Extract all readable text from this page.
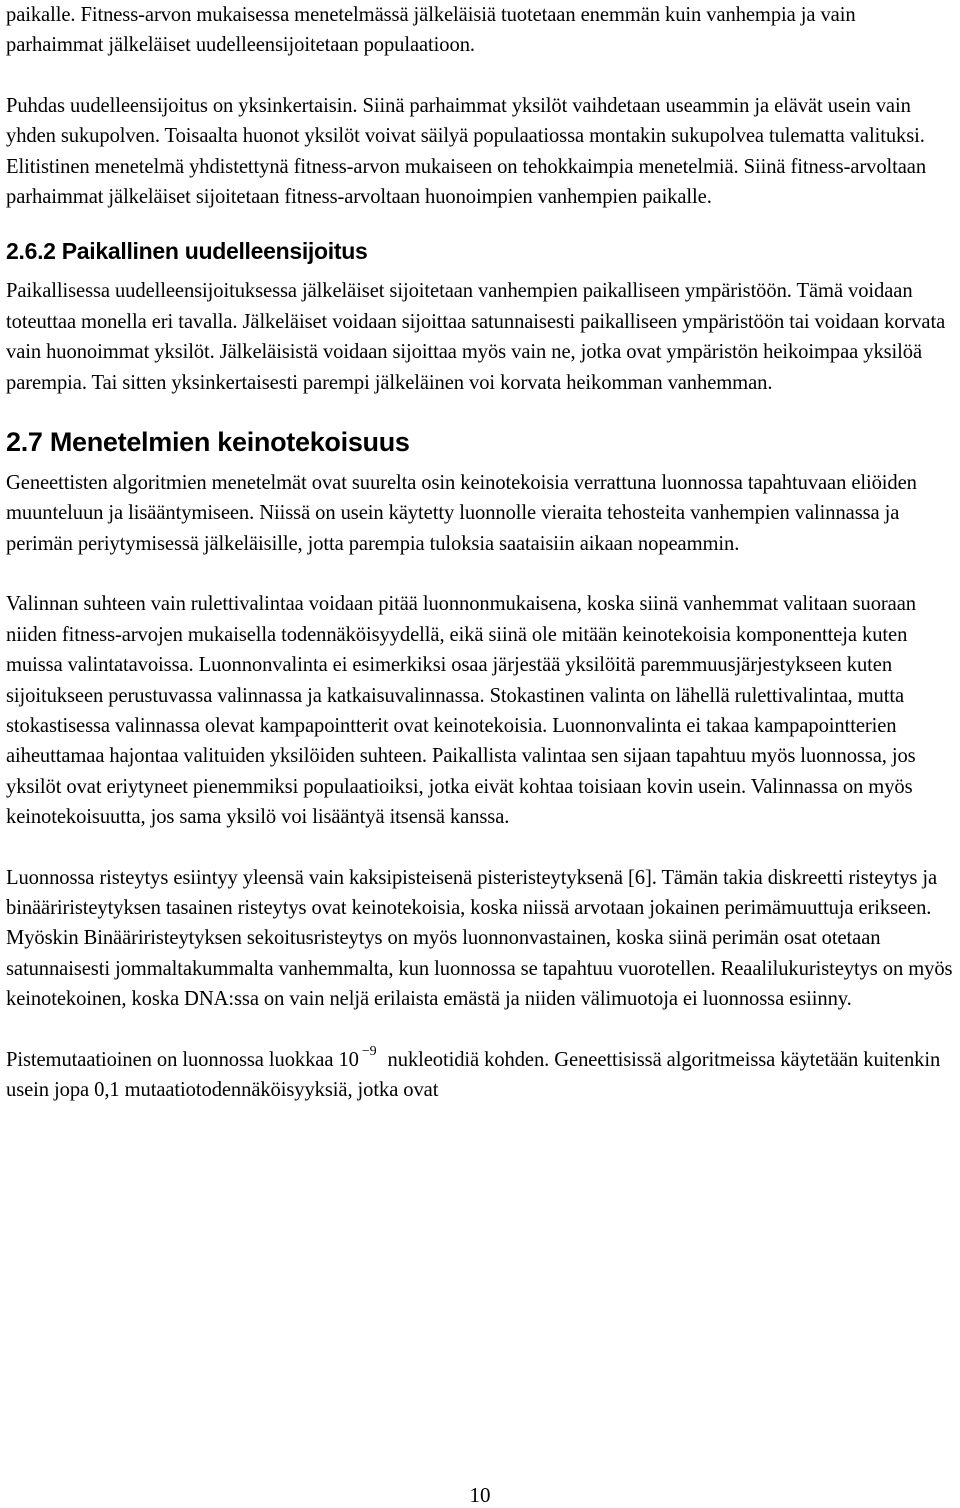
paikalle. Fitness-arvon mukaisessa menetelmässä jälkeläisiä tuotetaan enemmän kuin vanhempia ja vain parhaimmat jälkeläiset uudelleensijoitetaan populaatioon.

Puhdas uudelleensijoitus on yksinkertaisin. Siinä parhaimmat yksilöt vaihdetaan useammin ja elävät usein vain yhden sukupolven. Toisaalta huonot yksilöt voivat säilyä populaatiossa montakin sukupolvea tulematta valituksi. Elitistinen menetelmä yhdistettynä fitness-arvon mukaiseen on tehokkaimpia menetelmiä. Siinä fitness-arvoltaan parhaimmat jälkeläiset sijoitetaan fitness-arvoltaan huonoimpien vanhempien paikalle.

2.6.2 Paikallinen uudelleensijoitus

Paikallisessa uudelleensijoituksessa jälkeläiset sijoitetaan vanhempien paikalliseen ympäristöön. Tämä voidaan toteuttaa monella eri tavalla. Jälkeläiset voidaan sijoittaa satunnaisesti paikalliseen ympäristöön tai voidaan korvata vain huonoimmat yksilöt. Jälkeläisistä voidaan sijoittaa myös vain ne, jotka ovat ympäristön heikoimpaa yksilöä parempia. Tai sitten yksinkertaisesti parempi jälkeläinen voi korvata heikomman vanhemman.

2.7 Menetelmien keinotekoisuus

Geneettisten algoritmien menetelmät ovat suurelta osin keinotekoisia verrattuna luonnossa tapahtuvaan eliöiden muunteluun ja lisääntymiseen. Niissä on usein käytetty luonnolle vieraita tehosteita vanhempien valinnassa ja perimän periytymisessä jälkeläisille, jotta parempia tuloksia saataisiin aikaan nopeammin.

Valinnan suhteen vain rulettivalintaa voidaan pitää luonnonmukaisena, koska siinä vanhemmat valitaan suoraan niiden fitness-arvojen mukaisella todennäköisyydellä, eikä siinä ole mitään keinotekoisia komponentteja kuten muissa valintatavoissa. Luonnonvalinta ei esimerkiksi osaa järjestää yksilöitä paremmuusjärjestykseen kuten sijoitukseen perustuvassa valinnassa ja katkaisuvalinnassa. Stokastinen valinta on lähellä rulettivalintaa, mutta stokastisessa valinnassa olevat kampapointterit ovat keinotekoisia. Luonnonvalinta ei takaa kampapointterien aiheuttamaa hajontaa valituiden yksilöiden suhteen. Paikallista valintaa sen sijaan tapahtuu myös luonnossa, jos yksilöt ovat eriytyneet pienemmiksi populaatioiksi, jotka eivät kohtaa toisiaan kovin usein. Valinnassa on myös keinotekoisuutta, jos sama yksilö voi lisääntyä itsensä kanssa.

Luonnossa risteytys esiintyy yleensä vain kaksipisteisenä pisteristeytyksenä [6]. Tämän takia diskreetti risteytys ja binääriristeytyksen tasainen risteytys ovat keinotekoisia, koska niissä arvotaan jokainen perimämuuttuja erikseen. Myöskin Binääriristeytyksen sekoitusristeytys on myös luonnonvastainen, koska siinä perimän osat otetaan satunnaisesti jommaltakummalta vanhemmalta, kun luonnossa se tapahtuu vuorotellen. Reaalilukuristeytys on myös keinotekoinen, koska DNA:ssa on vain neljä erilaista emästä ja niiden välimuotoja ei luonnossa esiinny.

Pistemutaatioinen on luonnossa luokkaa 10 $^{-9}$ nukleotidiä kohden. Geneettisissä algoritmeissa käytetään kuitenkin usein jopa 0,1 mutaatiotodennäköisyyksiä, jotka ovat

10
